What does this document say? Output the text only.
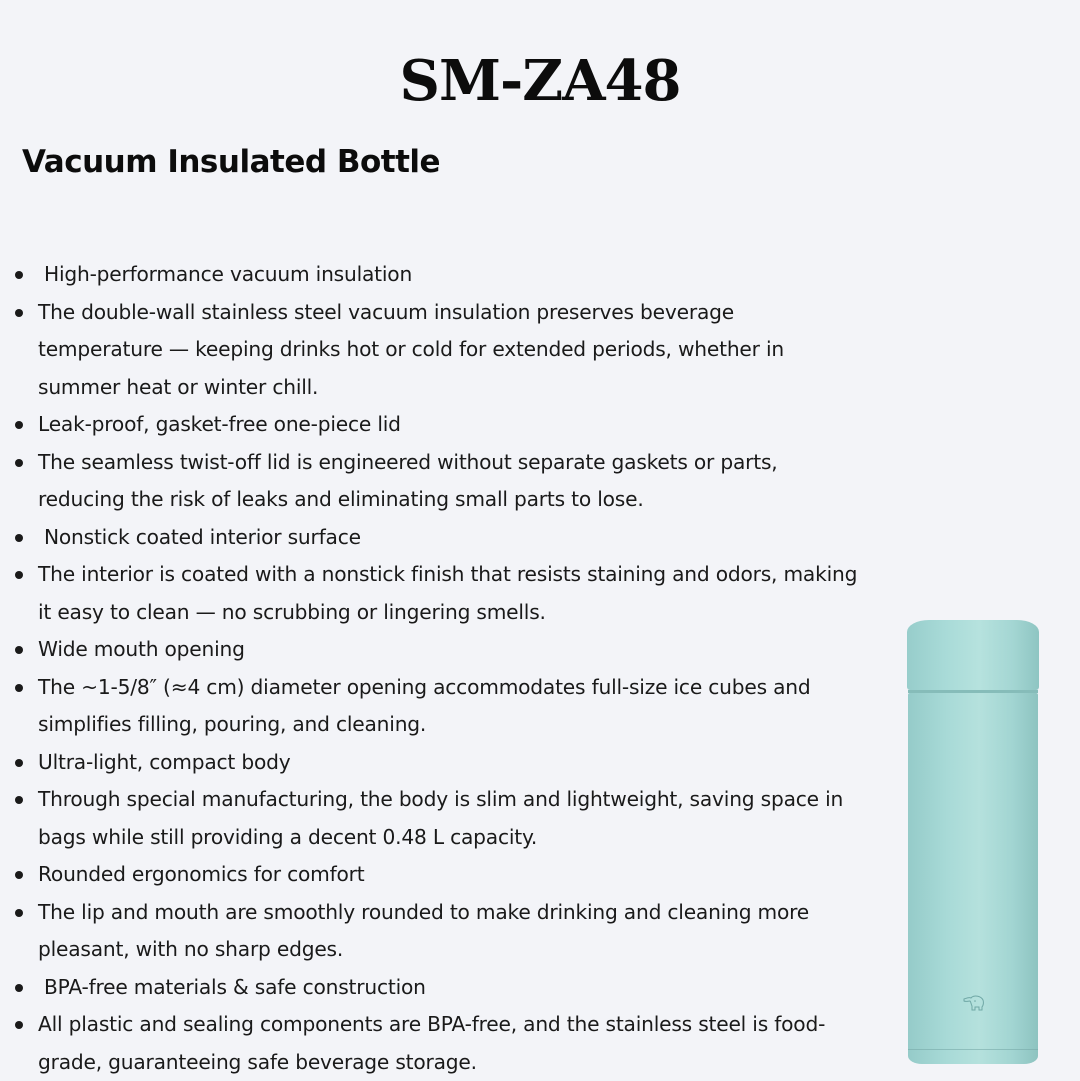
SM-ZA48
Vacuum Insulated Bottle
High-performance vacuum insulation
The double-wall stainless steel vacuum insulation preserves beverage temperature — keeping drinks hot or cold for extended periods, whether in summer heat or winter chill.
Leak-proof, gasket-free one-piece lid
The seamless twist-off lid is engineered without separate gaskets or parts, reducing the risk of leaks and eliminating small parts to lose.
Nonstick coated interior surface
The interior is coated with a nonstick finish that resists staining and odors, making it easy to clean — no scrubbing or lingering smells.
Wide mouth opening
The ~1-5/8″ (≈4 cm) diameter opening accommodates full-size ice cubes and simplifies filling, pouring, and cleaning.
Ultra-light, compact body
Through special manufacturing, the body is slim and lightweight, saving space in bags while still providing a decent 0.48 L capacity.
Rounded ergonomics for comfort
The lip and mouth are smoothly rounded to make drinking and cleaning more pleasant, with no sharp edges.
BPA-free materials & safe construction
All plastic and sealing components are BPA-free, and the stainless steel is food-grade, guaranteeing safe beverage storage.
